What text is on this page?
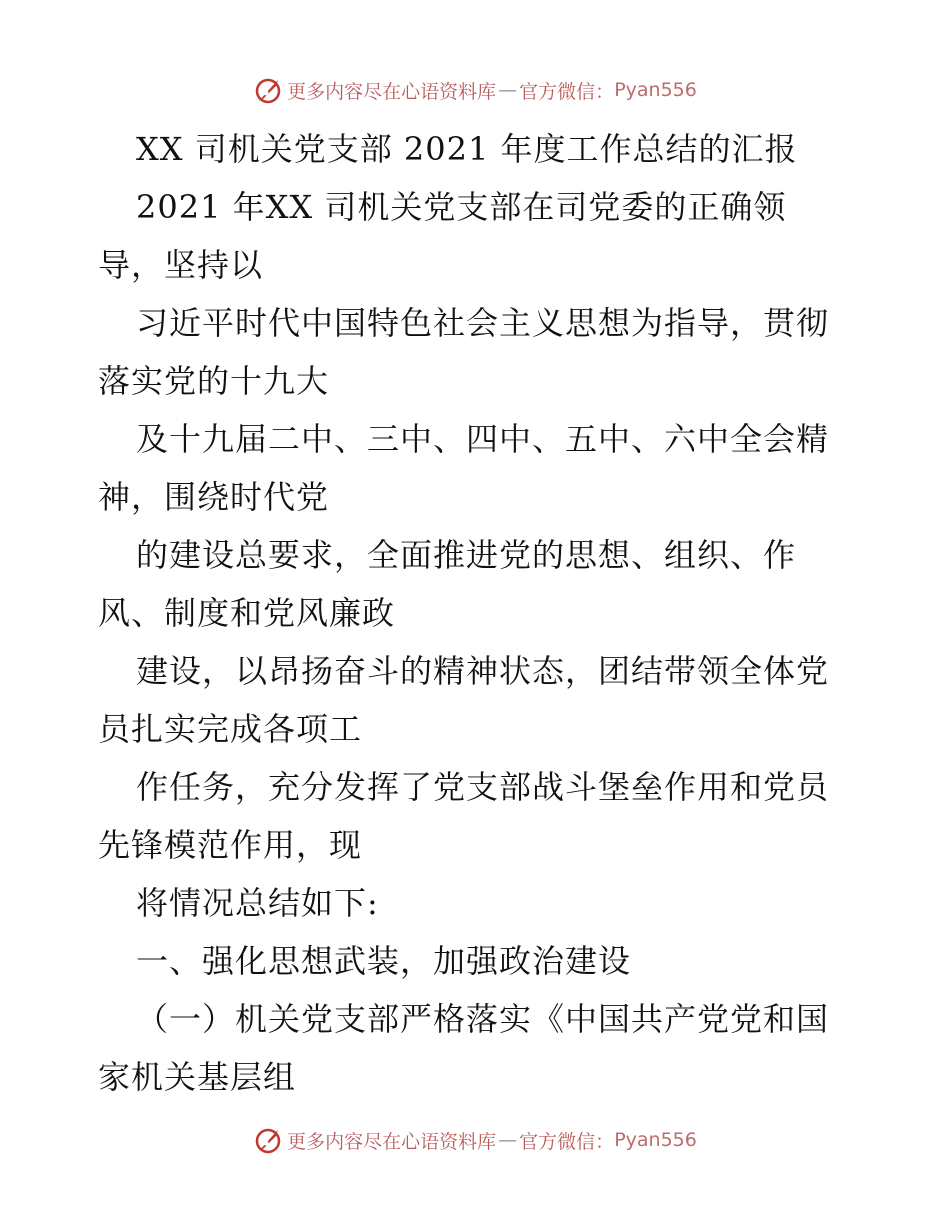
更多内容尽在心语资料库 — 官方微信： Pyan556
XX 司机关党支部 2021 年度工作总结的汇报
2021 年XX 司机关党支部在司党委的正确领
导，坚持以
习近平时代中国特色社会主义思想为指导，贯彻
落实党的十九大
及十九届二中、三中、四中、五中、六中全会精
神，围绕时代党
的建设总要求，全面推进党的思想、组织、作
风、制度和党风廉政
建设，以昂扬奋斗的精神状态，团结带领全体党
员扎实完成各项工
作任务，充分发挥了党支部战斗堡垒作用和党员
先锋模范作用，现
将情况总结如下:
一、强化思想武装，加强政治建设
（一）机关党支部严格落实《中国共产党党和国
家机关基层组
更多内容尽在心语资料库 — 官方微信： Pyan556
